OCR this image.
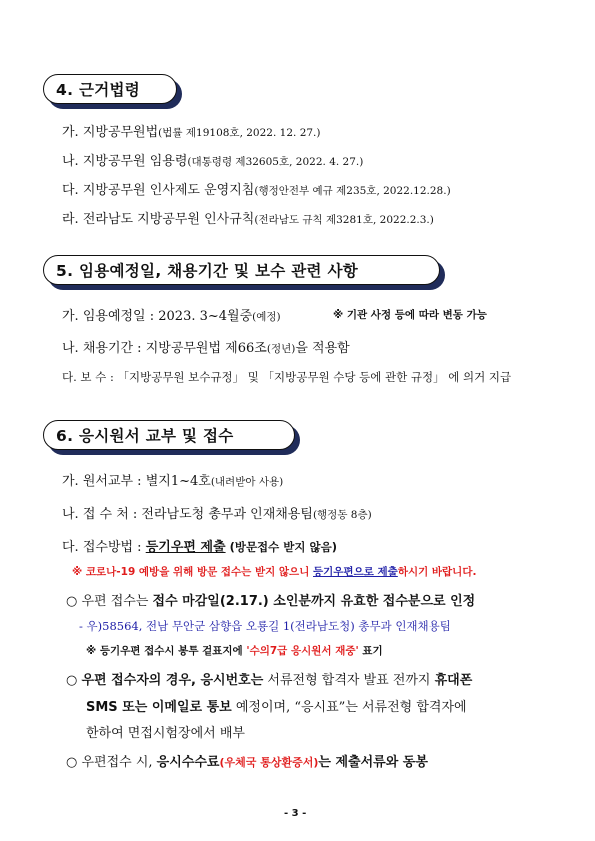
4. 근거법령
가. 지방공무원법(법률 제19108호, 2022. 12. 27.)
나. 지방공무원 임용령(대통령령 제32605호, 2022. 4. 27.)
다. 지방공무원 인사제도 운영지침(행정안전부 예규 제235호, 2022.12.28.)
라. 전라남도 지방공무원 인사규칙(전라남도 규칙 제3281호, 2022.2.3.)
5. 임용예정일, 채용기간 및 보수 관련 사항
가. 임용예정일 : 2023. 3~4월중(예정)	※ 기관 사정 등에 따라 변동 가능
나. 채용기간 : 지방공무원법 제66조(정년)을 적용함
다. 보 수 : 「지방공무원 보수규정」 및 「지방공무원 수당 등에 관한 규정」 에 의거 지급
6. 응시원서 교부 및 접수
가. 원서교부 : 별지1~4호(내려받아 사용)
나. 접 수 처 : 전라남도청 총무과 인재채용팀(행정동 8층)
다. 접수방법 : 등기우편 제출 (방문접수 받지 않음)
※ 코로나-19 예방을 위해 방문 접수는 받지 않으니 등기우편으로 제출하시기 바랍니다.
○ 우편 접수는 접수 마감일(2.17.) 소인분까지 유효한 접수분으로 인정
- 우)58564, 전남 무안군 삼향읍 오룡길 1(전라남도청) 총무과 인재채용팀
※ 등기우편 접수시 봉투 겉표지에 '수의7급 응시원서 재중' 표기
○ 우편 접수자의 경우, 응시번호는 서류전형 합격자 발표 전까지 휴대폰
SMS 또는 이메일로 통보 예정이며, “응시표”는 서류전형 합격자에
한하여 면접시험장에서 배부
○ 우편접수 시, 응시수수료(우체국 통상환증서)는 제출서류와 동봉
- 3 -
